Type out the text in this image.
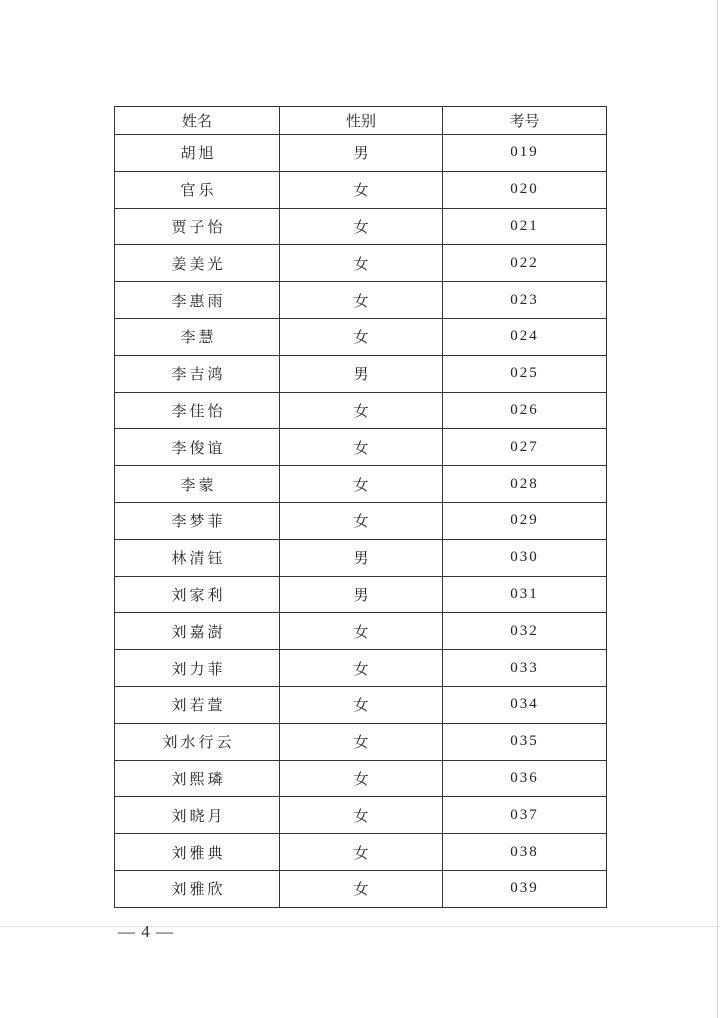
姓名	性别	考号
胡旭	男	019
官乐	女	020
贾子怡	女	021
姜美光	女	022
李惠雨	女	023
李慧	女	024
李吉鸿	男	025
李佳怡	女	026
李俊谊	女	027
李蒙	女	028
李梦菲	女	029
林清钰	男	030
刘家利	男	031
刘嘉澍	女	032
刘力菲	女	033
刘若萱	女	034
刘水行云	女	035
刘熙璘	女	036
刘晓月	女	037
刘雅典	女	038
刘雅欣	女	039
— 4 —
